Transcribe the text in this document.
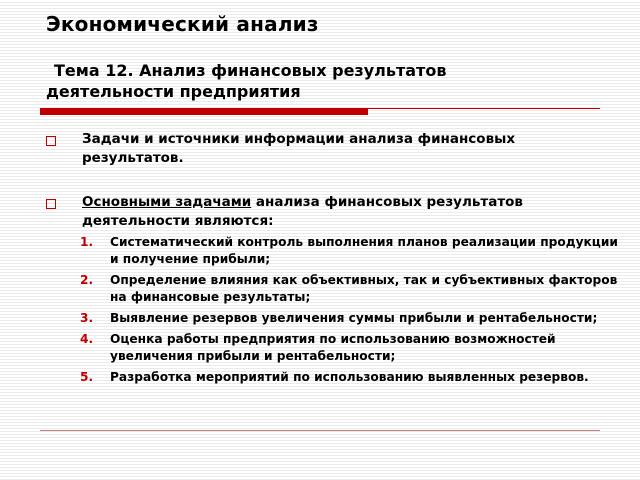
Экономический анализ
Тема 12. Анализ финансовых результатов
деятельности предприятия
Задачи и источники информации анализа финансовых результатов.
Основными задачами анализа финансовых результатов деятельности являются:
1. Систематический контроль выполнения планов реализации продукции и получение прибыли;
2. Определение влияния как объективных, так и субъективных факторов на финансовые результаты;
3. Выявление резервов увеличения суммы прибыли и рентабельности;
4. Оценка работы предприятия по использованию возможностей увеличения прибыли и рентабельности;
5. Разработка мероприятий по использованию выявленных резервов.
